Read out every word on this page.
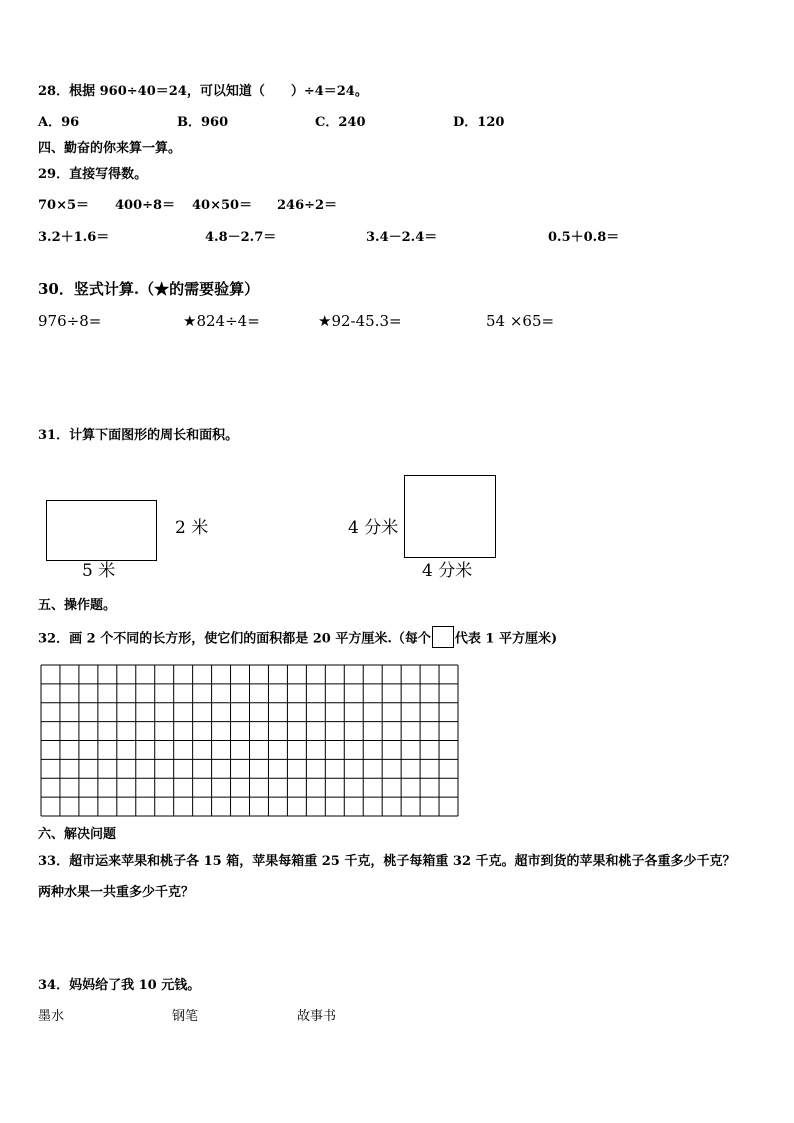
28．根据 960÷40＝24，可以知道（　　）÷4＝24。
A．96	B．960	C．240	D．120
四、勤奋的你来算一算。
29．直接写得数。
70×5＝ 400÷8＝ 40×50＝ 246÷2＝
3.2＋1.6＝	4.8－2.7＝	3.4－2.4＝	0.5＋0.8＝
30．竖式计算.（★的需要验算）
976÷8=	★824÷4=	★92-45.3=	54 ×65=
31．计算下面图形的周长和面积。
2 米
5 米
4 分米
4 分米
五、操作题。
32．画 2 个不同的长方形，使它们的面积都是 20 平方厘米.（每个 代表 1 平方厘米)
六、解决问题
33．超市运来苹果和桃子各 15 箱，苹果每箱重 25 千克，桃子每箱重 32 千克。超市到货的苹果和桃子各重多少千克？
两种水果一共重多少千克？
34．妈妈给了我 10 元钱。
墨水	钢笔	故事书
